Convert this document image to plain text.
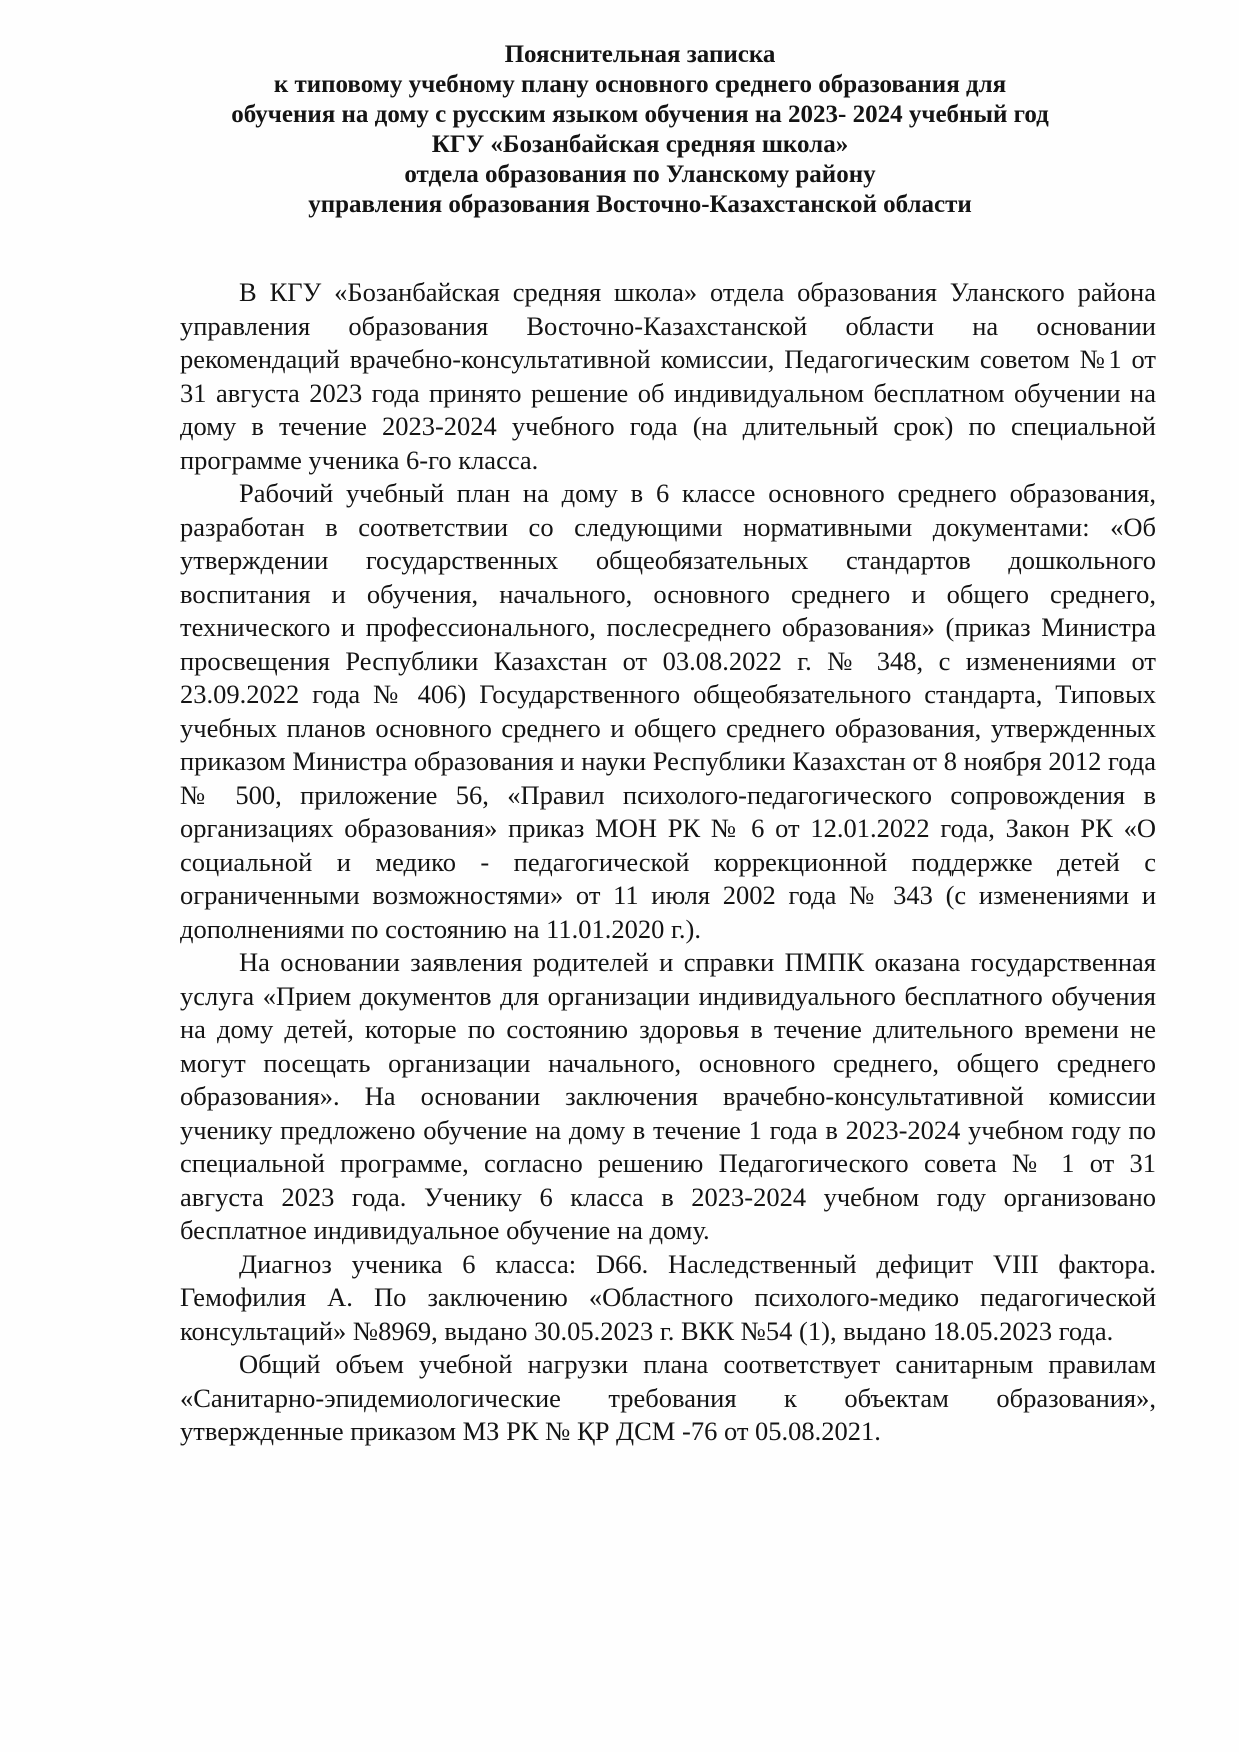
Пояснительная записка
к типовому учебному плану основного среднего образования для
обучения на дому с русским языком обучения на 2023- 2024 учебный год
КГУ «Бозанбайская средняя школа»
отдела образования по Уланскому району
управления образования Восточно-Казахстанской области

В КГУ «Бозанбайская средняя школа» отдела образования Уланского района управления образования Восточно-Казахстанской области на основании рекомендаций врачебно-консультативной комиссии, Педагогическим советом №1 от 31 августа 2023 года принято решение об индивидуальном бесплатном обучении на дому в течение 2023-2024 учебного года (на длительный срок) по специальной программе ученика 6-го класса.

Рабочий учебный план на дому в 6 классе основного среднего образования, разработан в соответствии со следующими нормативными документами: «Об утверждении государственных общеобязательных стандартов дошкольного воспитания и обучения, начального, основного среднего и общего среднего, технического и профессионального, послесреднего образования» (приказ Министра просвещения Республики Казахстан от 03.08.2022 г. № 348, с изменениями от 23.09.2022 года № 406) Государственного общеобязательного стандарта, Типовых учебных планов основного среднего и общего среднего образования, утвержденных приказом Министра образования и науки Республики Казахстан от 8 ноября 2012 года № 500, приложение 56, «Правил психолого-педагогического сопровождения в организациях образования» приказ МОН РК № 6 от 12.01.2022 года, Закон РК «О социальной и медико - педагогической коррекционной поддержке детей с ограниченными возможностями» от 11 июля 2002 года № 343 (с изменениями и дополнениями по состоянию на 11.01.2020 г.).

На основании заявления родителей и справки ПМПК оказана государственная услуга «Прием документов для организации индивидуального бесплатного обучения на дому детей, которые по состоянию здоровья в течение длительного времени не могут посещать организации начального, основного среднего, общего среднего образования». На основании заключения врачебно-консультативной комиссии ученику предложено обучение на дому в течение 1 года в 2023-2024 учебном году по специальной программе, согласно решению Педагогического совета № 1 от 31 августа 2023 года. Ученику 6 класса в 2023-2024 учебном году организовано бесплатное индивидуальное обучение на дому.

Диагноз ученика 6 класса: D66. Наследственный дефицит VIII фактора. Гемофилия А. По заключению «Областного психолого-медико педагогической консультаций» №8969, выдано 30.05.2023 г. ВКК №54 (1), выдано 18.05.2023 года.

Общий объем учебной нагрузки плана соответствует санитарным правилам «Санитарно-эпидемиологические требования к объектам образования», утвержденные приказом МЗ РК № ҚР ДСМ -76 от 05.08.2021.
